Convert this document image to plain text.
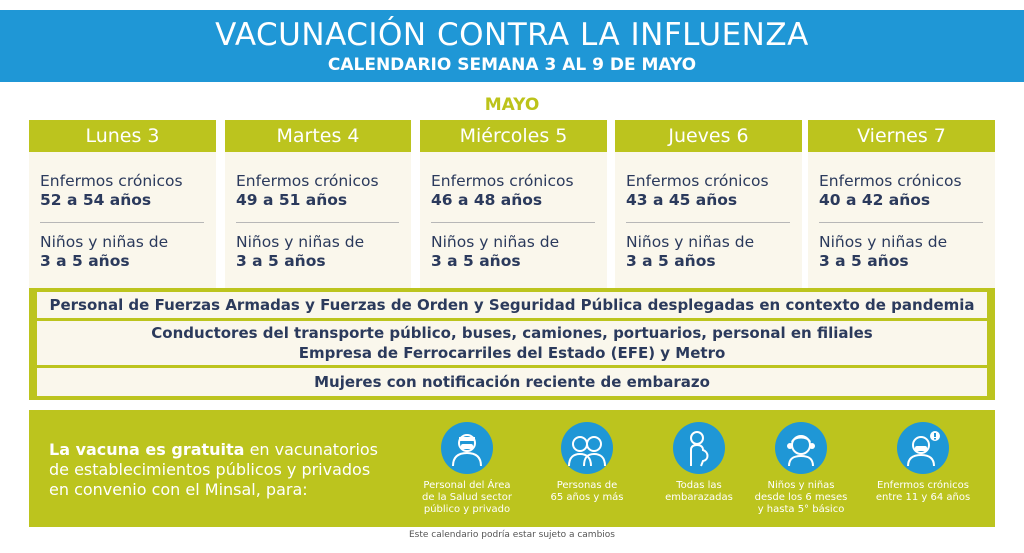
VACUNACIÓN CONTRA LA INFLUENZA
CALENDARIO SEMANA 3 AL 9 DE MAYO
MAYO
Lunes 3
Enfermos crónicos
52 a 54 años
Niños y niñas de
3 a 5 años
Martes 4
Enfermos crónicos
49 a 51 años
Niños y niñas de
3 a 5 años
Miércoles 5
Enfermos crónicos
46 a 48 años
Niños y niñas de
3 a 5 años
Jueves 6
Enfermos crónicos
43 a 45 años
Niños y niñas de
3 a 5 años
Viernes 7
Enfermos crónicos
40 a 42 años
Niños y niñas de
3 a 5 años
Personal de Fuerzas Armadas y Fuerzas de Orden y Seguridad Pública desplegadas en contexto de pandemia
Conductores del transporte público, buses, camiones, portuarios, personal en filiales
Empresa de Ferrocarriles del Estado (EFE) y Metro
Mujeres con notificación reciente de embarazo
La vacuna es gratuita en vacunatorios
de establecimientos públicos y privados
en convenio con el Minsal, para:	Personal del Área
de la Salud sector
público y privado
Personas de
65 años y más
Todas las
embarazadas
Niños y niñas
desde los 6 meses
y hasta 5° básico
Enfermos crónicos
entre 11 y 64 años
Este calendario podría estar sujeto a cambios
